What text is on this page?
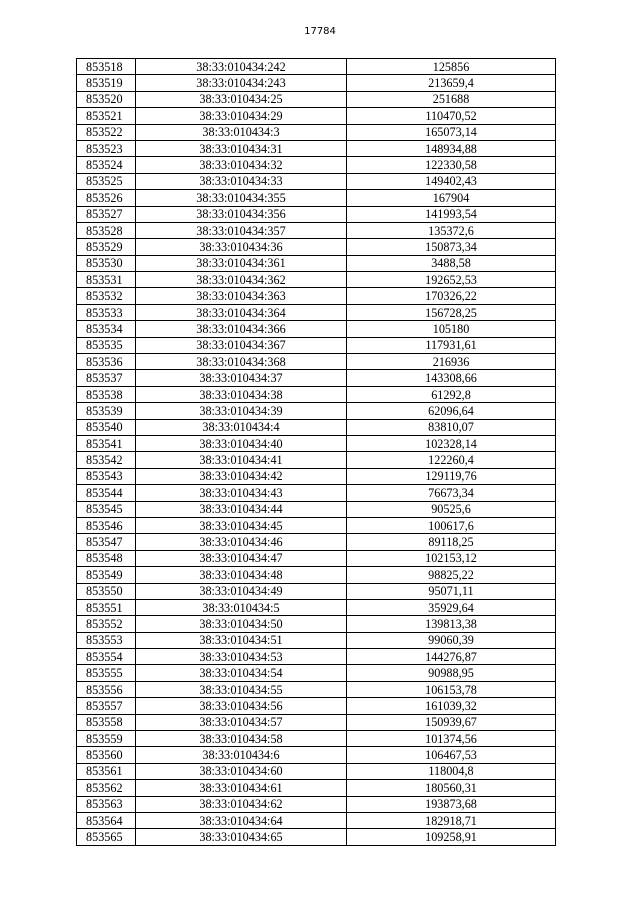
17784
853518	38:33:010434:242	125856
853519	38:33:010434:243	213659,4
853520	38:33:010434:25	251688
853521	38:33:010434:29	110470,52
853522	38:33:010434:3	165073,14
853523	38:33:010434:31	148934,88
853524	38:33:010434:32	122330,58
853525	38:33:010434:33	149402,43
853526	38:33:010434:355	167904
853527	38:33:010434:356	141993,54
853528	38:33:010434:357	135372,6
853529	38:33:010434:36	150873,34
853530	38:33:010434:361	3488,58
853531	38:33:010434:362	192652,53
853532	38:33:010434:363	170326,22
853533	38:33:010434:364	156728,25
853534	38:33:010434:366	105180
853535	38:33:010434:367	117931,61
853536	38:33:010434:368	216936
853537	38:33:010434:37	143308,66
853538	38:33:010434:38	61292,8
853539	38:33:010434:39	62096,64
853540	38:33:010434:4	83810,07
853541	38:33:010434:40	102328,14
853542	38:33:010434:41	122260,4
853543	38:33:010434:42	129119,76
853544	38:33:010434:43	76673,34
853545	38:33:010434:44	90525,6
853546	38:33:010434:45	100617,6
853547	38:33:010434:46	89118,25
853548	38:33:010434:47	102153,12
853549	38:33:010434:48	98825,22
853550	38:33:010434:49	95071,11
853551	38:33:010434:5	35929,64
853552	38:33:010434:50	139813,38
853553	38:33:010434:51	99060,39
853554	38:33:010434:53	144276,87
853555	38:33:010434:54	90988,95
853556	38:33:010434:55	106153,78
853557	38:33:010434:56	161039,32
853558	38:33:010434:57	150939,67
853559	38:33:010434:58	101374,56
853560	38:33:010434:6	106467,53
853561	38:33:010434:60	118004,8
853562	38:33:010434:61	180560,31
853563	38:33:010434:62	193873,68
853564	38:33:010434:64	182918,71
853565	38:33:010434:65	109258,91
